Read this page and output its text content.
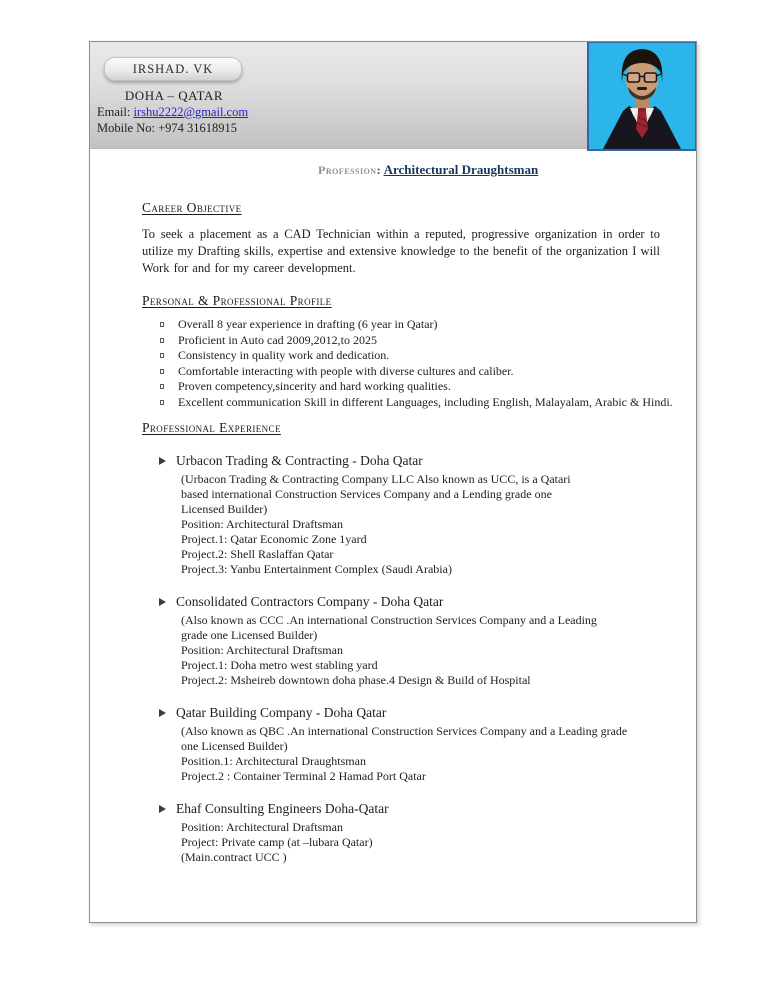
IRSHAD. VK
DOHA – QATAR
Email: irshu2222@gmail.com
Mobile No: +974 31618915
Profession: Architectural Draughtsman
Career Objective
To seek a placement as a CAD Technician within a reputed, progressive organization in order to
utilize my Drafting skills, expertise and extensive knowledge to the benefit of the organization I will
Work for and for my career development.
Personal & Professional Profile
Overall 8 year experience in drafting (6 year in Qatar)
Proficient in Auto cad 2009,2012,to 2025
Consistency in quality work and dedication.
Comfortable interacting with people with diverse cultures and caliber.
Proven competency,sincerity and hard working qualities.
Excellent communication Skill in different Languages, including English, Malayalam, Arabic & Hindi.
Professional Experience
Urbacon Trading & Contracting - Doha Qatar
(Urbacon Trading & Contracting Company LLC Also known as UCC, is a Qatari
based international Construction Services Company and a Lending grade one
Licensed Builder)
Position: Architectural Draftsman
Project.1: Qatar Economic Zone 1yard
Project.2: Shell Raslaffan Qatar
Project.3: Yanbu Entertainment Complex (Saudi Arabia)
Consolidated Contractors Company - Doha Qatar
(Also known as CCC .An international Construction Services Company and a Leading
grade one Licensed Builder)
Position: Architectural Draftsman
Project.1: Doha metro west stabling yard
Project.2: Msheireb downtown doha phase.4 Design & Build of Hospital
Qatar Building Company - Doha Qatar
(Also known as QBC .An international Construction Services Company and a Leading grade
one Licensed Builder)
Position.1: Architectural Draughtsman
Project.2 : Container Terminal 2 Hamad Port Qatar
Ehaf Consulting Engineers Doha-Qatar
Position: Architectural Draftsman
Project: Private camp (at –lubara Qatar)
(Main.contract UCC )
